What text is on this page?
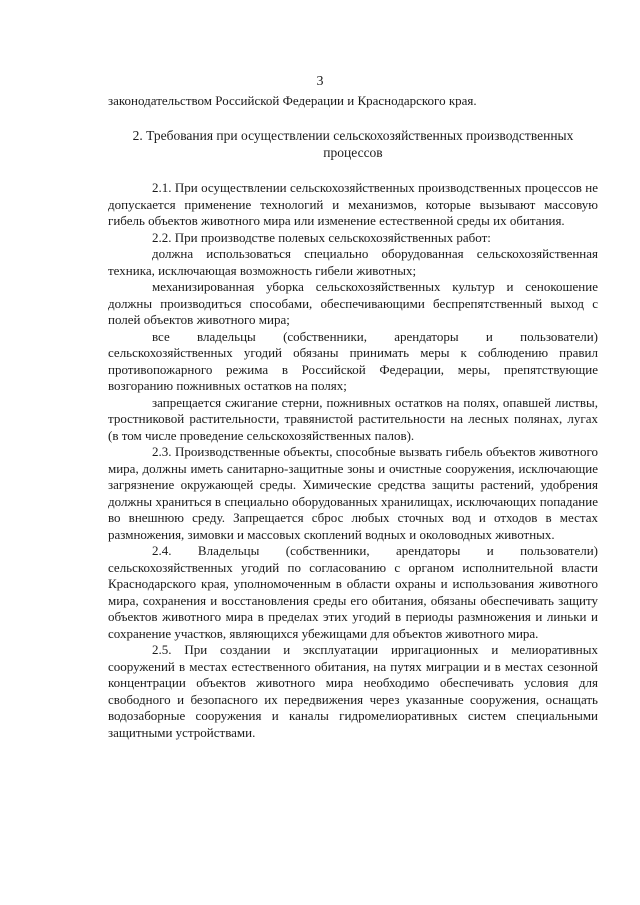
3
законодательством Российской Федерации и Краснодарского края.
2. Требования при осуществлении сельскохозяйственных производственных процессов

2.1. При осуществлении сельскохозяйственных производственных процессов не допускается применение технологий и механизмов, которые вызывают массовую гибель объектов животного мира или изменение естественной среды их обитания.

2.2. При производстве полевых сельскохозяйственных работ:

должна использоваться специально оборудованная сельскохозяйственная техника, исключающая возможность гибели животных;

механизированная уборка сельскохозяйственных культур и сенокошение должны производиться способами, обеспечивающими беспрепятственный выход с полей объектов животного мира;

все владельцы (собственники, арендаторы и пользователи) сельскохозяйственных угодий обязаны принимать меры к соблюдению правил противопожарного режима в Российской Федерации, меры, препятствующие возгоранию пожнивных остатков на полях;

запрещается сжигание стерни, пожнивных остатков на полях, опавшей листвы, тростниковой растительности, травянистой растительности на лесных полянах, лугах (в том числе проведение сельскохозяйственных палов).

2.3. Производственные объекты, способные вызвать гибель объектов животного мира, должны иметь санитарно-защитные зоны и очистные сооружения, исключающие загрязнение окружающей среды. Химические средства защиты растений, удобрения должны храниться в специально оборудованных хранилищах, исключающих попадание во внешнюю среду. Запрещается сброс любых сточных вод и отходов в местах размножения, зимовки и массовых скоплений водных и околоводных животных.

2.4. Владельцы (собственники, арендаторы и пользователи) сельскохозяйственных угодий по согласованию с органом исполнительной власти Краснодарского края, уполномоченным в области охраны и использования животного мира, сохранения и восстановления среды его обитания, обязаны обеспечивать защиту объектов животного мира в пределах этих угодий в периоды размножения и линьки и сохранение участков, являющихся убежищами для объектов животного мира.

2.5. При создании и эксплуатации ирригационных и мелиоративных сооружений в местах естественного обитания, на путях миграции и в местах сезонной концентрации объектов животного мира необходимо обеспечивать условия для свободного и безопасного их передвижения через указанные сооружения, оснащать водозаборные сооружения и каналы гидромелиоративных систем специальными защитными устройствами.
